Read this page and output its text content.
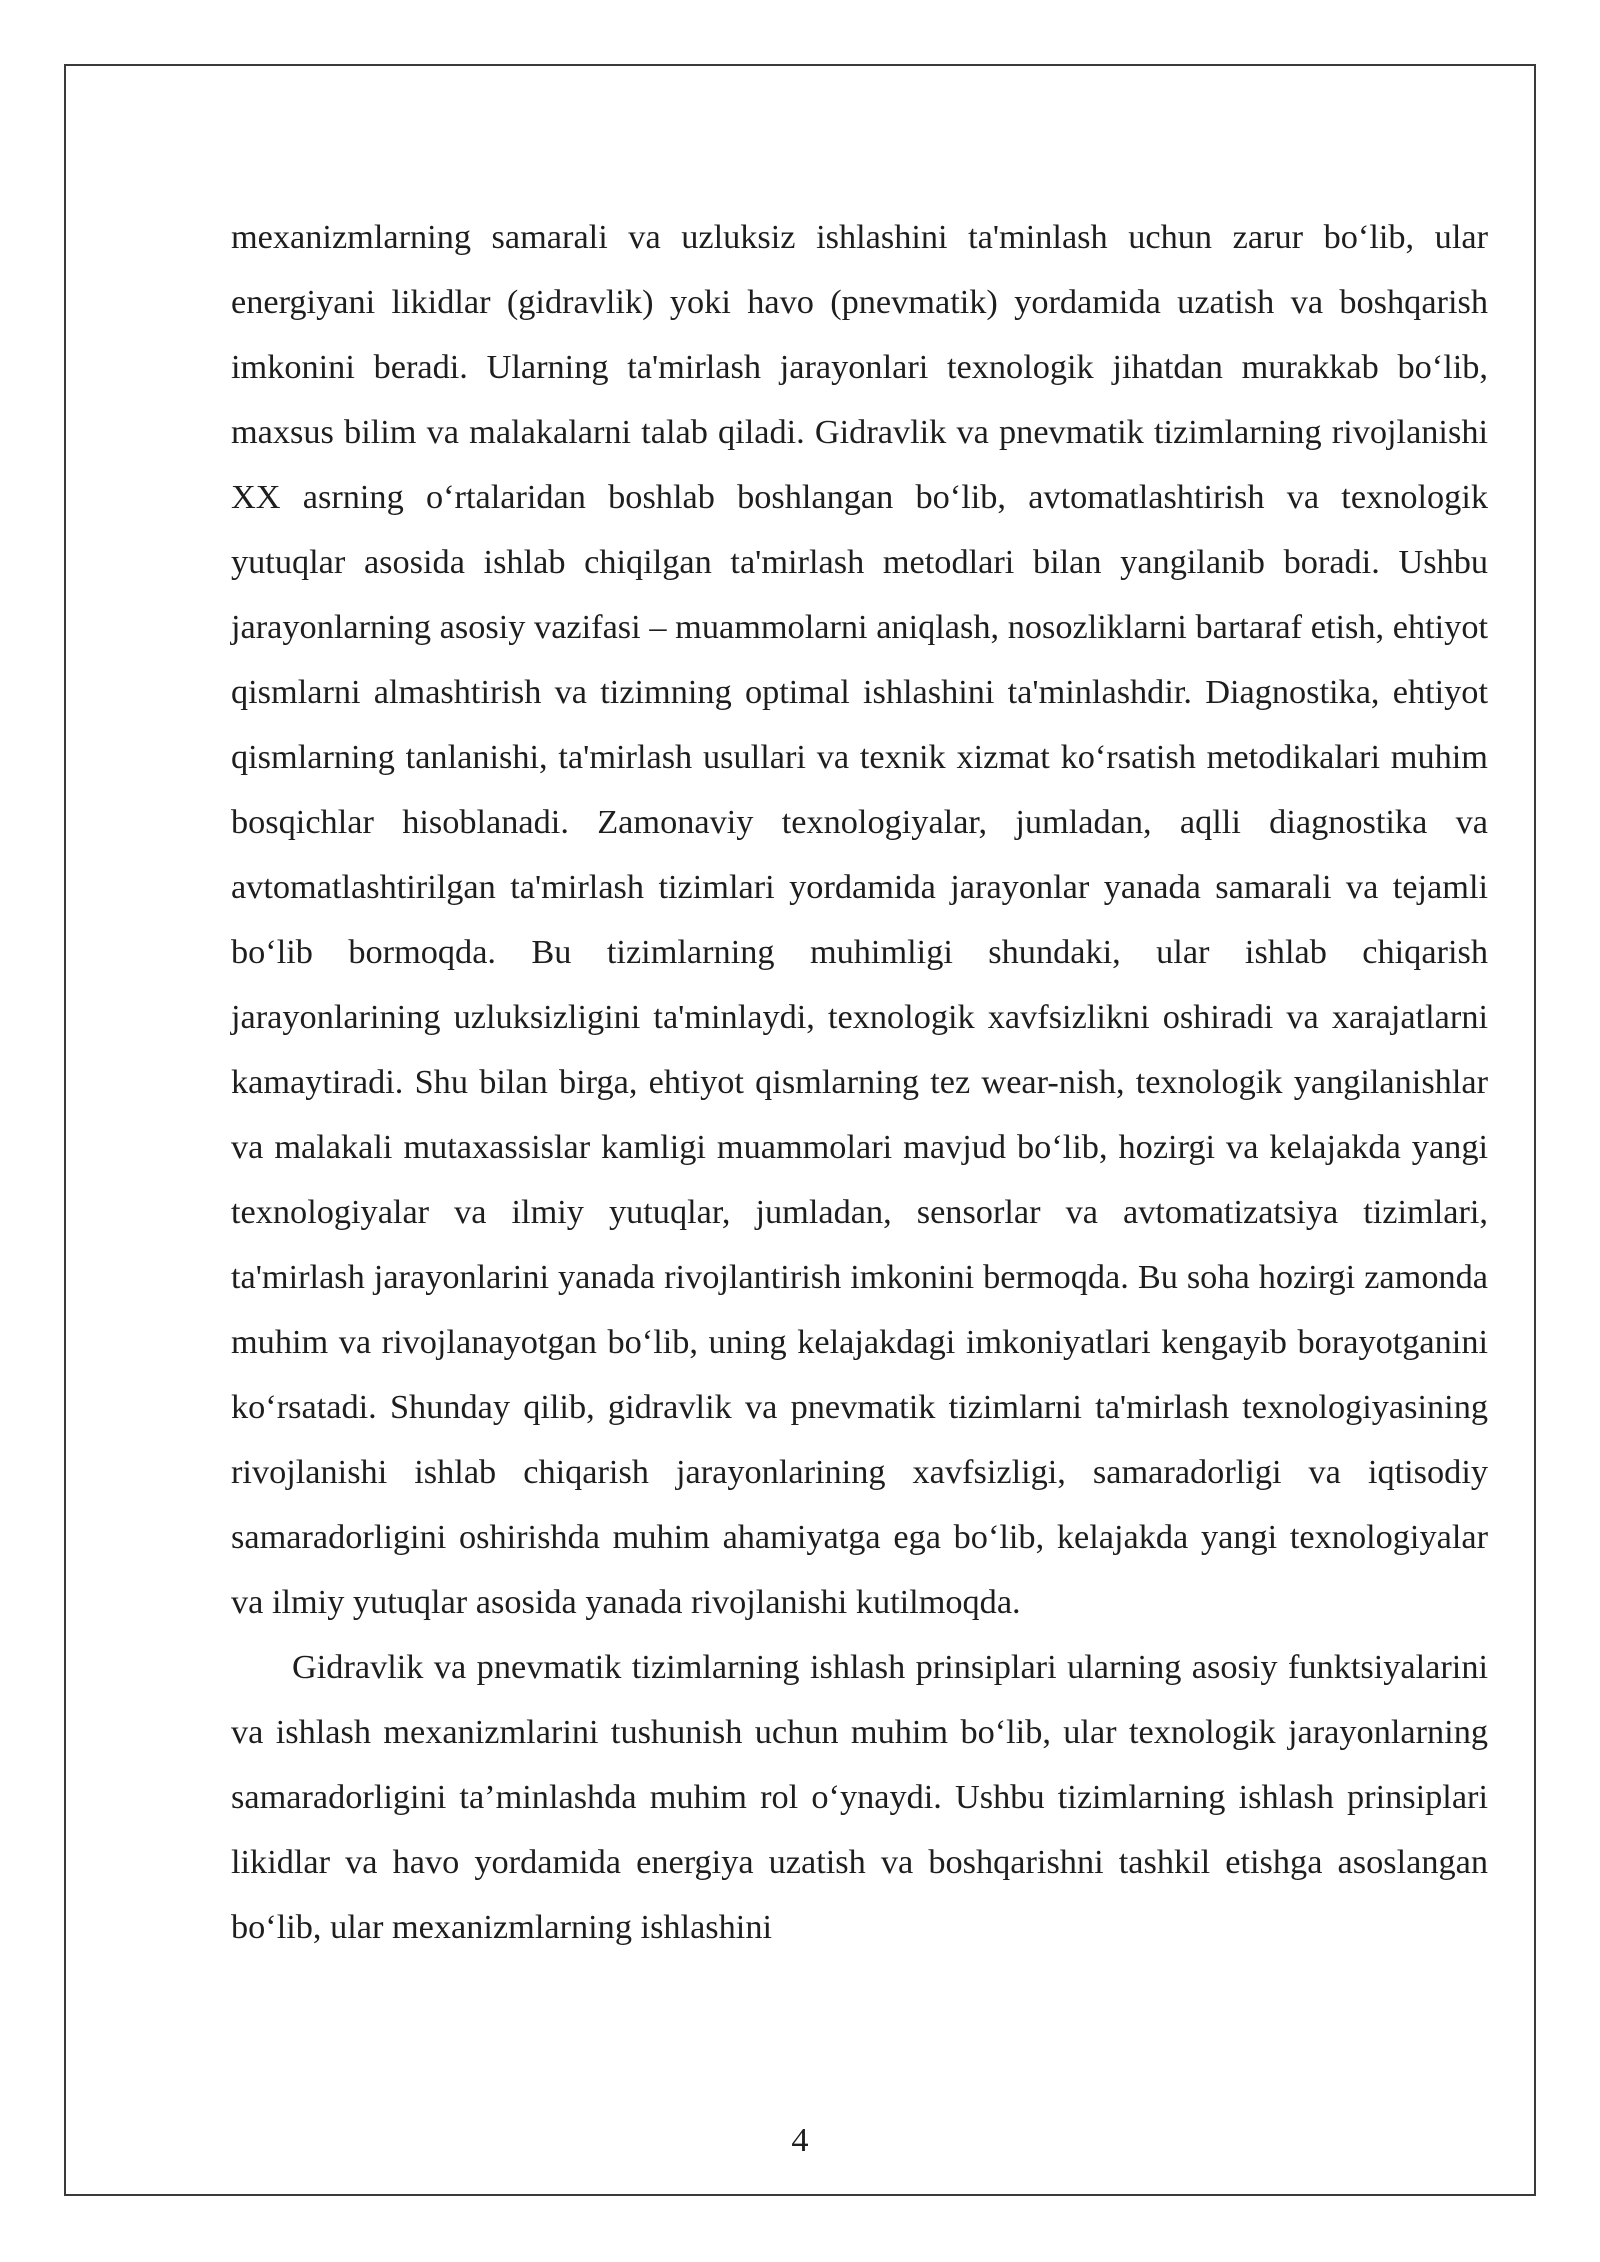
mexanizmlarning samarali va uzluksiz ishlashini ta'minlash uchun zarur bo‘lib, ular energiyani likidlar (gidravlik) yoki havo (pnevmatik) yordamida uzatish va boshqarish imkonini beradi. Ularning ta'mirlash jarayonlari texnologik jihatdan murakkab bo‘lib, maxsus bilim va malakalarni talab qiladi. Gidravlik va pnevmatik tizimlarning rivojlanishi XX asrning o‘rtalaridan boshlab boshlangan bo‘lib, avtomatlashtirish va texnologik yutuqlar asosida ishlab chiqilgan ta'mirlash metodlari bilan yangilanib boradi. Ushbu jarayonlarning asosiy vazifasi – muammolarni aniqlash, nosozliklarni bartaraf etish, ehtiyot qismlarni almashtirish va tizimning optimal ishlashini ta'minlashdir. Diagnostika, ehtiyot qismlarning tanlanishi, ta'mirlash usullari va texnik xizmat ko‘rsatish metodikalari muhim bosqichlar hisoblanadi. Zamonaviy texnologiyalar, jumladan, aqlli diagnostika va avtomatlashtirilgan ta'mirlash tizimlari yordamida jarayonlar yanada samarali va tejamli bo‘lib bormoqda. Bu tizimlarning muhimligi shundaki, ular ishlab chiqarish jarayonlarining uzluksizligini ta'minlaydi, texnologik xavfsizlikni oshiradi va xarajatlarni kamaytiradi. Shu bilan birga, ehtiyot qismlarning tez wear-nish, texnologik yangilanishlar va malakali mutaxassislar kamligi muammolari mavjud bo‘lib, hozirgi va kelajakda yangi texnologiyalar va ilmiy yutuqlar, jumladan, sensorlar va avtomatizatsiya tizimlari, ta'mirlash jarayonlarini yanada rivojlantirish imkonini bermoqda. Bu soha hozirgi zamonda muhim va rivojlanayotgan bo‘lib, uning kelajakdagi imkoniyatlari kengayib borayotganini ko‘rsatadi. Shunday qilib, gidravlik va pnevmatik tizimlarni ta'mirlash texnologiyasining rivojlanishi ishlab chiqarish jarayonlarining xavfsizligi, samaradorligi va iqtisodiy samaradorligini oshirishda muhim ahamiyatga ega bo‘lib, kelajakda yangi texnologiyalar va ilmiy yutuqlar asosida yanada rivojlanishi kutilmoqda.

Gidravlik va pnevmatik tizimlarning ishlash prinsiplari ularning asosiy funktsiyalarini va ishlash mexanizmlarini tushunish uchun muhim bo‘lib, ular texnologik jarayonlarning samaradorligini ta’minlashda muhim rol o‘ynaydi. Ushbu tizimlarning ishlash prinsiplari likidlar va havo yordamida energiya uzatish va boshqarishni tashkil etishga asoslangan bo‘lib, ular mexanizmlarning ishlashini

4
